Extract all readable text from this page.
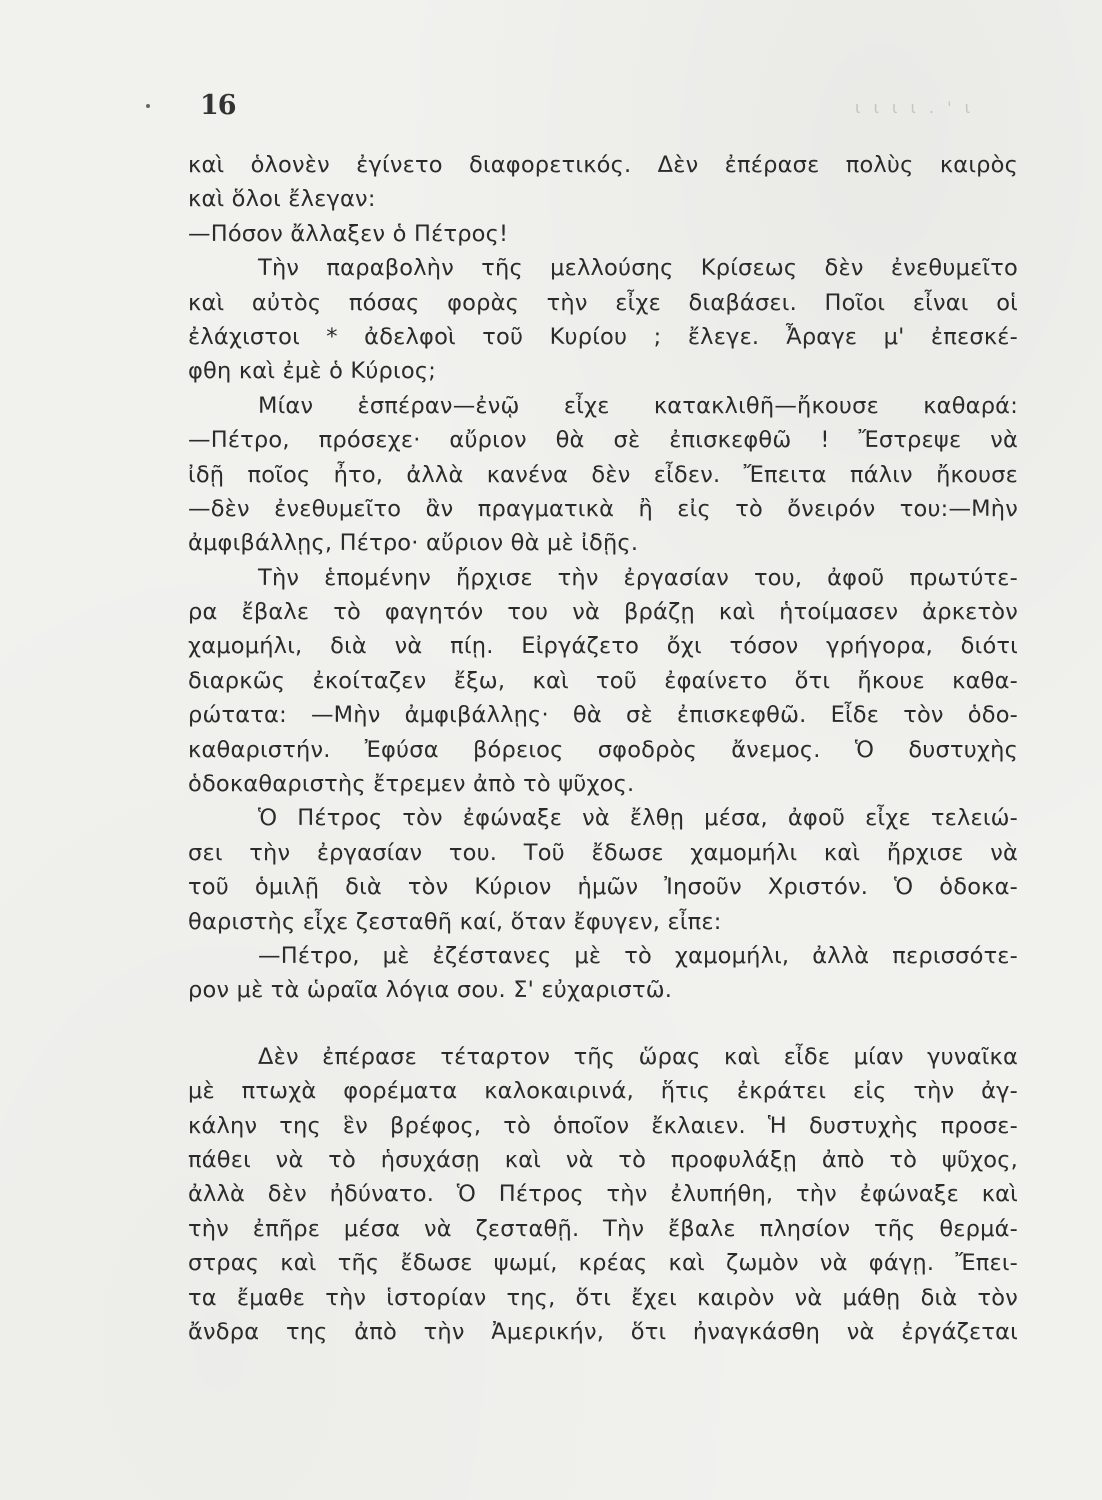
16	ι ι ι ι . ' ι
καὶ ὁλονὲν ἐγίνετο διαφορετικός. Δὲν ἐπέρασε πολὺς καιρὸς
καὶ ὅλοι ἔλεγαν:
—Πόσον ἄλλαξεν ὁ Πέτρος!
Τὴν παραβολὴν τῆς μελλούσης Κρίσεως δὲν ἐνεθυμεῖτο
καὶ αὐτὸς πόσας φορὰς τὴν εἶχε διαβάσει. Ποῖοι εἶναι οἱ
ἐλάχιστοι * ἀδελφοὶ τοῦ Κυρίου ; ἔλεγε. Ἆραγε μ' ἐπεσκέ-
φθη καὶ ἐμὲ ὁ Κύριος;
Μίαν ἑσπέραν—ἐνῷ εἶχε κατακλιθῆ—ἤκουσε καθαρά:
—Πέτρο, πρόσεχε· αὔριον θὰ σὲ ἐπισκεφθῶ ! Ἔστρεψε νὰ
ἰδῇ ποῖος ἦτο, ἀλλὰ κανένα δὲν εἶδεν. Ἔπειτα πάλιν ἤκουσε
—δὲν ἐνεθυμεῖτο ἂν πραγματικὰ ἢ εἰς τὸ ὄνειρόν του:—Μὴν
ἀμφιβάλλῃς, Πέτρο· αὔριον θὰ μὲ ἰδῇς.
Τὴν ἑπομένην ἤρχισε τὴν ἐργασίαν του, ἀφοῦ πρωτύτε-
ρα ἔβαλε τὸ φαγητόν του νὰ βράζῃ καὶ ἡτοίμασεν ἀρκετὸν
χαμομήλι, διὰ νὰ πίῃ. Εἰργάζετο ὄχι τόσον γρήγορα, διότι
διαρκῶς ἐκοίταζεν ἔξω, καὶ τοῦ ἐφαίνετο ὅτι ἤκουε καθα-
ρώτατα: —Μὴν ἀμφιβάλλῃς· θὰ σὲ ἐπισκεφθῶ. Εἶδε τὸν ὁδο-
καθαριστήν. Ἐφύσα βόρειος σφοδρὸς ἄνεμος. Ὁ δυστυχὴς
ὁδοκαθαριστὴς ἔτρεμεν ἀπὸ τὸ ψῦχος.
Ὁ Πέτρος τὸν ἐφώναξε νὰ ἔλθῃ μέσα, ἀφοῦ εἶχε τελειώ-
σει τὴν ἐργασίαν του. Τοῦ ἔδωσε χαμομήλι καὶ ἤρχισε νὰ
τοῦ ὁμιλῇ διὰ τὸν Κύριον ἡμῶν Ἰησοῦν Χριστόν. Ὁ ὁδοκα-
θαριστὴς εἶχε ζεσταθῆ καί, ὅταν ἔφυγεν, εἶπε:
—Πέτρο, μὲ ἐζέστανες μὲ τὸ χαμομήλι, ἀλλὰ περισσότε-
ρον μὲ τὰ ὡραῖα λόγια σου. Σ' εὐχαριστῶ.
Δὲν ἐπέρασε τέταρτον τῆς ὥρας καὶ εἶδε μίαν γυναῖκα
μὲ πτωχὰ φορέματα καλοκαιρινά, ἥτις ἐκράτει εἰς τὴν ἀγ-
κάλην της ἓν βρέφος, τὸ ὁποῖον ἔκλαιεν. Ἡ δυστυχὴς προσε-
πάθει νὰ τὸ ἡσυχάσῃ καὶ νὰ τὸ προφυλάξῃ ἀπὸ τὸ ψῦχος,
ἀλλὰ δὲν ἠδύνατο. Ὁ Πέτρος τὴν ἐλυπήθη, τὴν ἐφώναξε καὶ
τὴν ἐπῆρε μέσα νὰ ζεσταθῇ. Τὴν ἔβαλε πλησίον τῆς θερμά-
στρας καὶ τῆς ἔδωσε ψωμί, κρέας καὶ ζωμὸν νὰ φάγῃ. Ἔπει-
τα ἔμαθε τὴν ἱστορίαν της, ὅτι ἔχει καιρὸν νὰ μάθῃ διὰ τὸν
ἄνδρα της ἀπὸ τὴν Ἀμερικήν, ὅτι ἠναγκάσθη νὰ ἐργάζεται
